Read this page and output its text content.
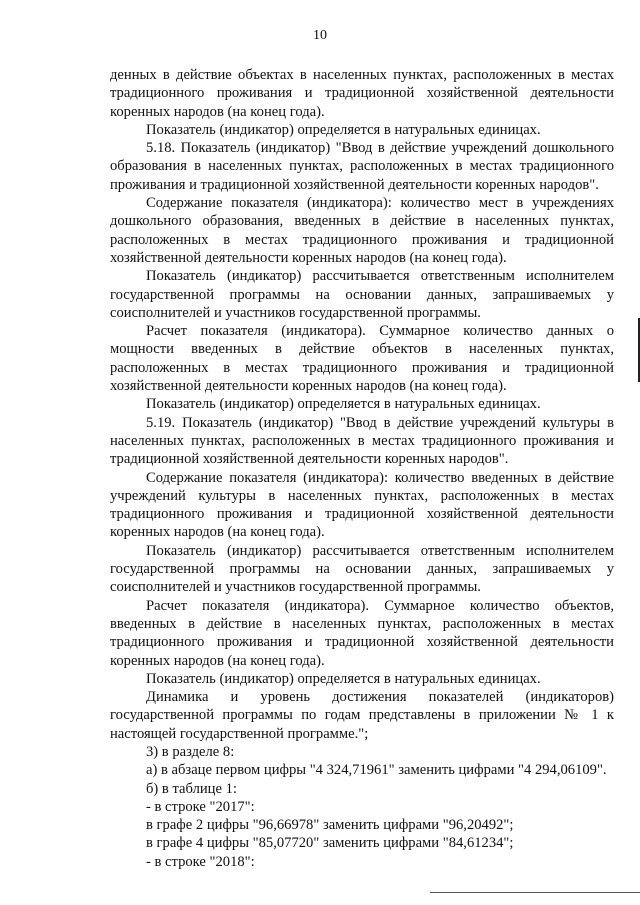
10

денных в действие объектах в населенных пунктах, расположенных в местах традиционного проживания и традиционной хозяйственной деятельности коренных народов (на конец года).

Показатель (индикатор) определяется в натуральных единицах.

5.18. Показатель (индикатор) "Ввод в действие учреждений дошкольного образования в населенных пунктах, расположенных в местах традиционного проживания и традиционной хозяйственной деятельности коренных народов".

Содержание показателя (индикатора): количество мест в учреждениях дошкольного образования, введенных в действие в населенных пунктах, расположенных в местах традиционного проживания и традиционной хозяйственной деятельности коренных народов (на конец года).

Показатель (индикатор) рассчитывается ответственным исполнителем государственной программы на основании данных, запрашиваемых у соисполнителей и участников государственной программы.

Расчет показателя (индикатора). Суммарное количество данных о мощности введенных в действие объектов в населенных пунктах, расположенных в местах традиционного проживания и традиционной хозяйственной деятельности коренных народов (на конец года).

Показатель (индикатор) определяется в натуральных единицах.

5.19. Показатель (индикатор) "Ввод в действие учреждений культуры в населенных пунктах, расположенных в местах традиционного проживания и традиционной хозяйственной деятельности коренных народов".

Содержание показателя (индикатора): количество введенных в действие учреждений культуры в населенных пунктах, расположенных в местах традиционного проживания и традиционной хозяйственной деятельности коренных народов (на конец года).

Показатель (индикатор) рассчитывается ответственным исполнителем государственной программы на основании данных, запрашиваемых у соисполнителей и участников государственной программы.

Расчет показателя (индикатора). Суммарное количество объектов, введенных в действие в населенных пунктах, расположенных в местах традиционного проживания и традиционной хозяйственной деятельности коренных народов (на конец года).

Показатель (индикатор) определяется в натуральных единицах.

Динамика и уровень достижения показателей (индикаторов) государственной программы по годам представлены в приложении № 1 к настоящей государственной программе.";

3) в разделе 8:

а) в абзаце первом цифры "4 324,71961" заменить цифрами "4 294,06109".

б) в таблице 1:

- в строке "2017":

в графе 2 цифры "96,66978" заменить цифрами "96,20492";

в графе 4 цифры "85,07720" заменить цифрами "84,61234";

- в строке "2018":
